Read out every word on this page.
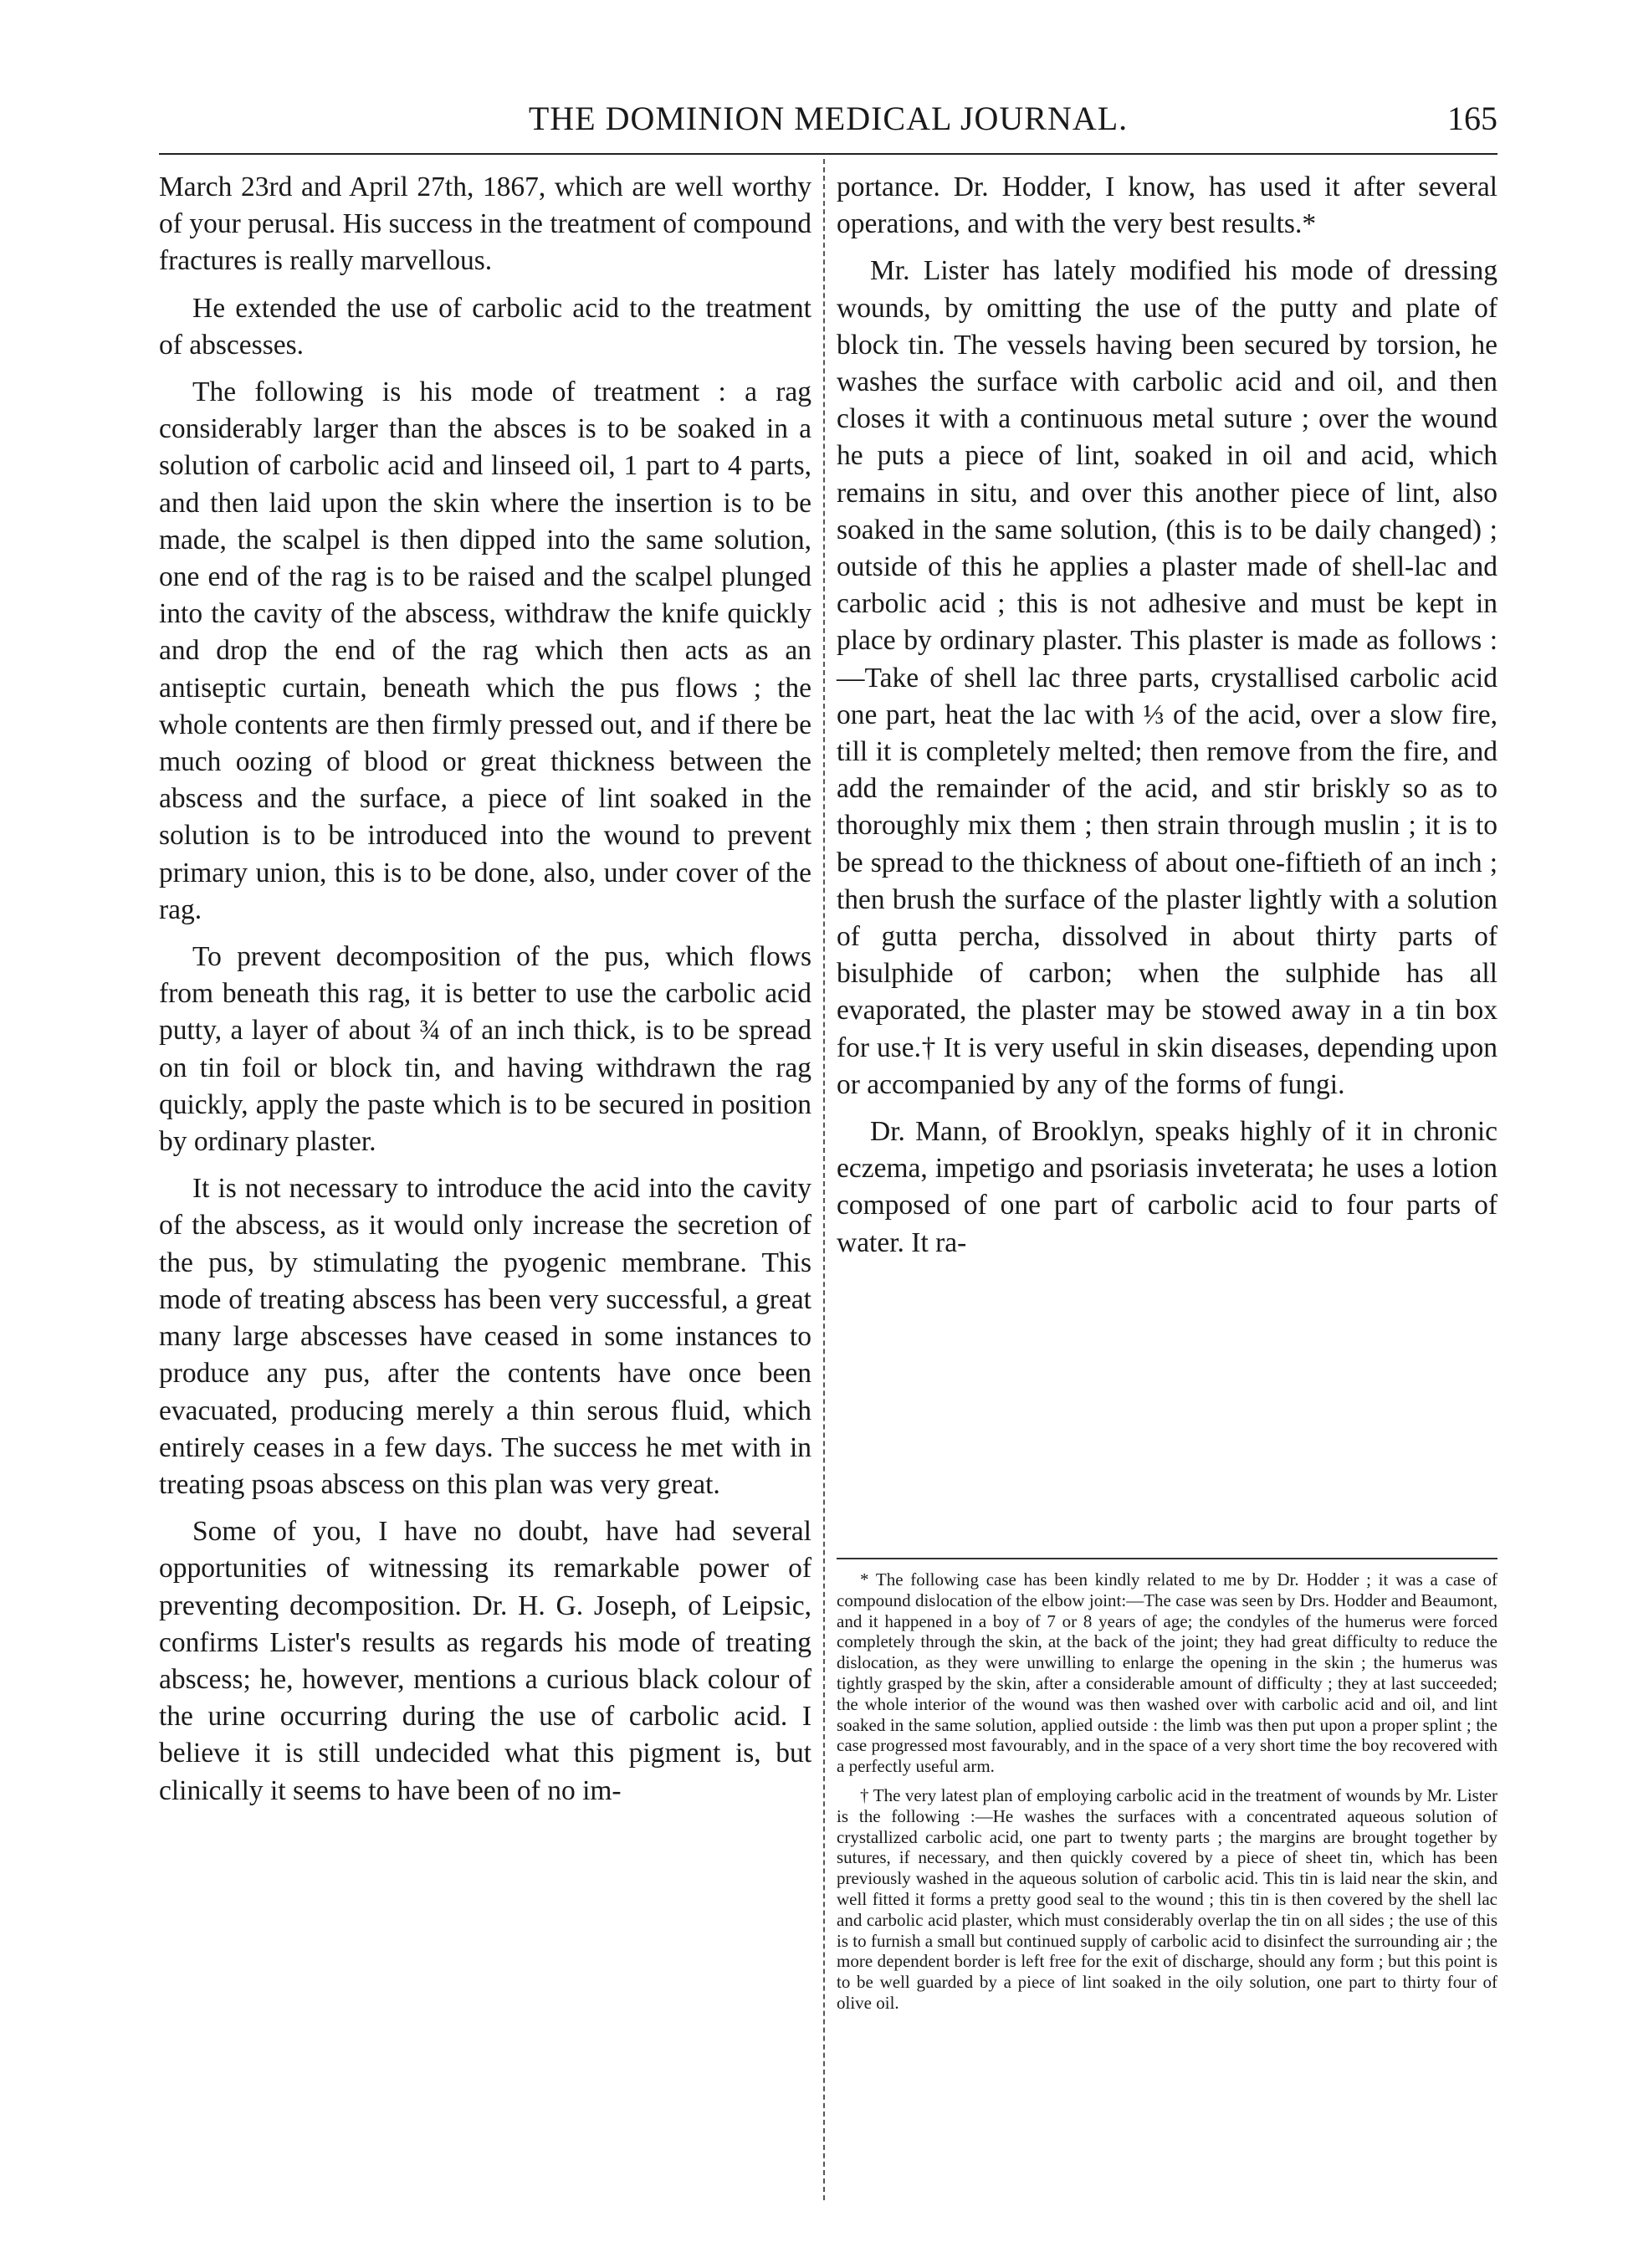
THE DOMINION MEDICAL JOURNAL.	165

March 23rd and April 27th, 1867, which are well worthy of your perusal. His success in the treatment of compound fractures is really marvellous.

He extended the use of carbolic acid to the treatment of abscesses.

The following is his mode of treatment : a rag considerably larger than the absces is to be soaked in a solution of carbolic acid and linseed oil, 1 part to 4 parts, and then laid upon the skin where the insertion is to be made, the scalpel is then dipped into the same solution, one end of the rag is to be raised and the scalpel plunged into the cavity of the abscess, withdraw the knife quickly and drop the end of the rag which then acts as an antiseptic curtain, beneath which the pus flows ; the whole contents are then firmly pressed out, and if there be much oozing of blood or great thickness between the abscess and the surface, a piece of lint soaked in the solution is to be introduced into the wound to prevent primary union, this is to be done, also, under cover of the rag.

To prevent decomposition of the pus, which flows from beneath this rag, it is better to use the carbolic acid putty, a layer of about ¾ of an inch thick, is to be spread on tin foil or block tin, and having withdrawn the rag quickly, apply the paste which is to be secured in position by ordinary plaster.

It is not necessary to introduce the acid into the cavity of the abscess, as it would only increase the secretion of the pus, by stimulating the pyogenic membrane. This mode of treating abscess has been very successful, a great many large abscesses have ceased in some instances to produce any pus, after the contents have once been evacuated, producing merely a thin serous fluid, which entirely ceases in a few days. The success he met with in treating psoas abscess on this plan was very great.

Some of you, I have no doubt, have had several opportunities of witnessing its remarkable power of preventing decomposition. Dr. H. G. Joseph, of Leipsic, confirms Lister's results as regards his mode of treating abscess; he, however, mentions a curious black colour of the urine occurring during the use of carbolic acid. I believe it is still undecided what this pigment is, but clinically it seems to have been of no im-

portance. Dr. Hodder, I know, has used it after several operations, and with the very best results.*

Mr. Lister has lately modified his mode of dressing wounds, by omitting the use of the putty and plate of block tin. The vessels having been secured by torsion, he washes the surface with carbolic acid and oil, and then closes it with a continuous metal suture ; over the wound he puts a piece of lint, soaked in oil and acid, which remains in situ, and over this another piece of lint, also soaked in the same solution, (this is to be daily changed) ; outside of this he applies a plaster made of shell-lac and carbolic acid ; this is not adhesive and must be kept in place by ordinary plaster. This plaster is made as follows :—Take of shell lac three parts, crystallised carbolic acid one part, heat the lac with ⅓ of the acid, over a slow fire, till it is completely melted; then remove from the fire, and add the remainder of the acid, and stir briskly so as to thoroughly mix them ; then strain through muslin ; it is to be spread to the thickness of about one-fiftieth of an inch ; then brush the surface of the plaster lightly with a solution of gutta percha, dissolved in about thirty parts of bisulphide of carbon; when the sulphide has all evaporated, the plaster may be stowed away in a tin box for use.† It is very useful in skin diseases, depending upon or accompanied by any of the forms of fungi.

Dr. Mann, of Brooklyn, speaks highly of it in chronic eczema, impetigo and psoriasis inveterata; he uses a lotion composed of one part of carbolic acid to four parts of water. It ra-

* The following case has been kindly related to me by Dr. Hodder ; it was a case of compound dislocation of the elbow joint:—The case was seen by Drs. Hodder and Beaumont, and it happened in a boy of 7 or 8 years of age; the condyles of the humerus were forced completely through the skin, at the back of the joint; they had great difficulty to reduce the dislocation, as they were unwilling to enlarge the opening in the skin ; the humerus was tightly grasped by the skin, after a considerable amount of difficulty ; they at last succeeded; the whole interior of the wound was then washed over with carbolic acid and oil, and lint soaked in the same solution, applied outside : the limb was then put upon a proper splint ; the case progressed most favourably, and in the space of a very short time the boy recovered with a perfectly useful arm.

† The very latest plan of employing carbolic acid in the treatment of wounds by Mr. Lister is the following :—He washes the surfaces with a concentrated aqueous solution of crystallized carbolic acid, one part to twenty parts ; the margins are brought together by sutures, if necessary, and then quickly covered by a piece of sheet tin, which has been previously washed in the aqueous solution of carbolic acid. This tin is laid near the skin, and well fitted it forms a pretty good seal to the wound ; this tin is then covered by the shell lac and carbolic acid plaster, which must considerably overlap the tin on all sides ; the use of this is to furnish a small but continued supply of carbolic acid to disinfect the surrounding air ; the more dependent border is left free for the exit of discharge, should any form ; but this point is to be well guarded by a piece of lint soaked in the oily solution, one part to thirty four of olive oil.
